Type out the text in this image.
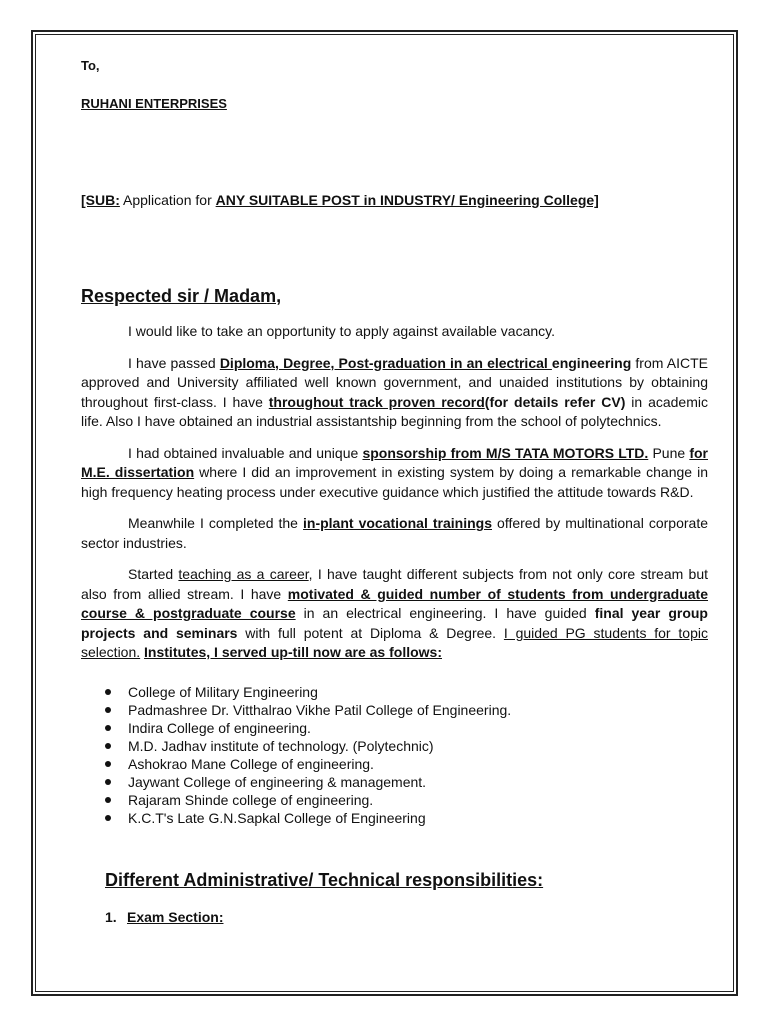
To,

RUHANI ENTERPRISES

[SUB: Application for ANY SUITABLE POST in INDUSTRY/ Engineering College]

Respected sir / Madam,

I would like to take an opportunity to apply against available vacancy.

I have passed Diploma, Degree, Post-graduation in an electrical engineering from AICTE approved and University affiliated well known government, and unaided institutions by obtaining throughout first-class. I have throughout track proven record(for details refer CV) in academic life. Also I have obtained an industrial assistantship beginning from the school of polytechnics.

I had obtained invaluable and unique sponsorship from M/S TATA MOTORS LTD. Pune for M.E. dissertation where I did an improvement in existing system by doing a remarkable change in high frequency heating process under executive guidance which justified the attitude towards R&D.

Meanwhile I completed the in-plant vocational trainings offered by multinational corporate sector industries.

Started teaching as a career, I have taught different subjects from not only core stream but also from allied stream. I have motivated & guided number of students from undergraduate course & postgraduate course in an electrical engineering. I have guided final year group projects and seminars with full potent at Diploma & Degree. I guided PG students for topic selection. Institutes, I served up-till now are as follows:

College of Military Engineering
Padmashree Dr. Vitthalrao Vikhe Patil College of Engineering.
Indira College of engineering.
M.D. Jadhav institute of technology. (Polytechnic)
Ashokrao Mane College of engineering.
Jaywant College of engineering & management.
Rajaram Shinde college of engineering.
K.C.T's Late G.N.Sapkal College of Engineering

Different Administrative/ Technical responsibilities:

1. Exam Section:
